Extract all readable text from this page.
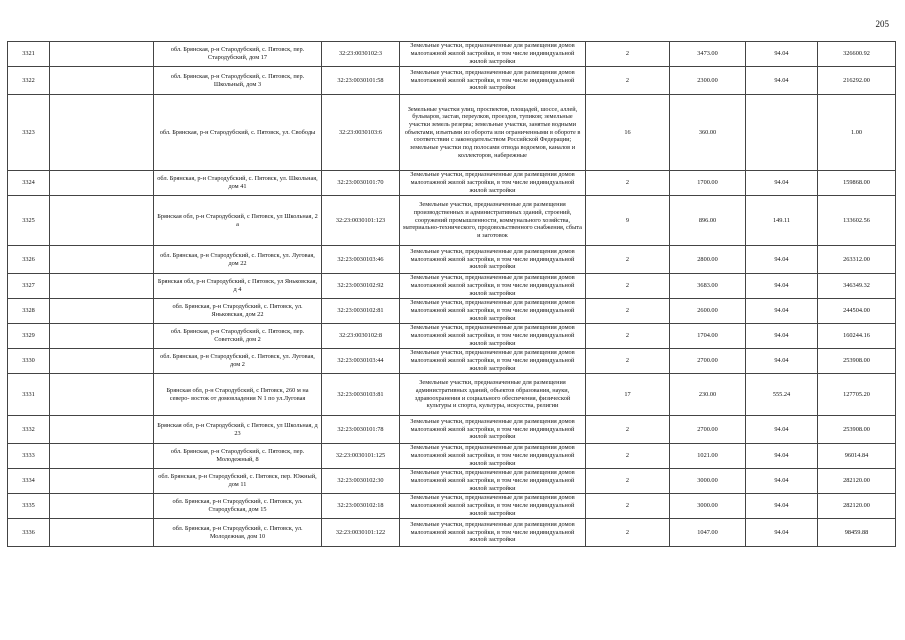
205
3321		обл. Брянская, р-н Стародубский, с. Пятовск, пер. Стародубский, дом 17	32:23:0030102:3	Земельные участки, предназначенные для размещения домов малоэтажной жилой застройки, в том числе индивидуальной жилой застройки	2	3473.00	94.04	326600.92
3322		обл. Брянская, р-н Стародубский, с. Пятовск, пер. Школьный, дом 3	32:23:0030101:58	Земельные участки, предназначенные для размещения домов малоэтажной жилой застройки, в том числе индивидуальной жилой застройки	2	2300.00	94.04	216292.00
3323		обл. Брянская, р-н Стародубский, с. Пятовск, ул. Свободы	32:23:0030103:6	Земельные участки улиц, проспектов, площадей, шоссе, аллей, бульваров, застав, переулков, проездов, тупиков; земельные участки земель резерва; земельные участки, занятые водными объектами, изъятыми из оборота или ограниченными в обороте в соответствии с законодательством Российской Федерации; земельные участки под полосами отвода водоемов, каналов и коллекторов, набережные	16	360.00		1.00
3324		обл. Брянская, р-н Стародубский, с. Пятовск, ул. Школьная, дом 41	32:23:0030101:70	Земельные участки, предназначенные для размещения домов малоэтажной жилой застройки, в том числе индивидуальной жилой застройки	2	1700.00	94.04	159868.00
3325		Брянская обл, р-н Стародубский, с Пятовск, ул Школьная, 2 а	32:23:0030101:123	Земельные участки, предназначенные для размещения производственных и административных зданий, строений, сооружений промышленности, коммунального хозяйства, материально-технического, продовольственного снабжения, сбыта и заготовок	9	896.00	149.11	133602.56
3326		обл. Брянская, р-н Стародубский, с. Пятовск, ул. Луговая, дом 22	32:23:0030103:46	Земельные участки, предназначенные для размещения домов малоэтажной жилой застройки, в том числе индивидуальной жилой застройки	2	2800.00	94.04	263312.00
3327		Брянская обл, р-н Стародубский, с Пятовск, ул Яньковская, д 4	32:23:0030102:92	Земельные участки, предназначенные для размещения домов малоэтажной жилой застройки, в том числе индивидуальной жилой застройки	2	3683.00	94.04	346349.32
3328		обл. Брянская, р-н Стародубский, с. Пятовск, ул. Яньковская, дом 22	32:23:0030102:81	Земельные участки, предназначенные для размещения домов малоэтажной жилой застройки, в том числе индивидуальной жилой застройки	2	2600.00	94.04	244504.00
3329		обл. Брянская, р-н Стародубский, с. Пятовск, пер. Советский, дом 2	32:23:0030102:8	Земельные участки, предназначенные для размещения домов малоэтажной жилой застройки, в том числе индивидуальной жилой застройки	2	1704.00	94.04	160244.16
3330		обл. Брянская, р-н Стародубский, с. Пятовск, ул. Луговая, дом 2	32:23:0030103:44	Земельные участки, предназначенные для размещения домов малоэтажной жилой застройки, в том числе индивидуальной жилой застройки	2	2700.00	94.04	253908.00
3331		Брянская обл, р-н Стародубский, с Пятовск, 260 м на северо- восток от домовладения N 1 по ул.Луговая	32:23:0030103:81	Земельные участки, предназначенные для размещения административных зданий, объектов образования, науки, здравоохранения и социального обеспечения, физической культуры и спорта, культуры, искусства, религии	17	230.00	555.24	127705.20
3332		Брянская обл, р-н Стародубский, с Пятовск, ул Школьная, д 23	32:23:0030101:78	Земельные участки, предназначенные для размещения домов малоэтажной жилой застройки, в том числе индивидуальной жилой застройки	2	2700.00	94.04	253908.00
3333		обл. Брянская, р-н Стародубский, с. Пятовск, пер. Молодежный, 8	32:23:0030101:125	Земельные участки, предназначенные для размещения домов малоэтажной жилой застройки, в том числе индивидуальной жилой застройки	2	1021.00	94.04	96014.84
3334		обл. Брянская, р-н Стародубский, с. Пятовск, пер. Южный, дом 11	32:23:0030102:30	Земельные участки, предназначенные для размещения домов малоэтажной жилой застройки, в том числе индивидуальной жилой застройки	2	3000.00	94.04	282120.00
3335		обл. Брянская, р-н Стародубский, с. Пятовск, ул. Стародубская, дом 15	32:23:0030102:18	Земельные участки, предназначенные для размещения домов малоэтажной жилой застройки, в том числе индивидуальной жилой застройки	2	3000.00	94.04	282120.00
3336		обл. Брянская, р-н Стародубский, с. Пятовск, ул. Молодежная, дом 10	32:23:0030101:122	Земельные участки, предназначенные для размещения домов малоэтажной жилой застройки, в том числе индивидуальной жилой застройки	2	1047.00	94.04	98459.88
